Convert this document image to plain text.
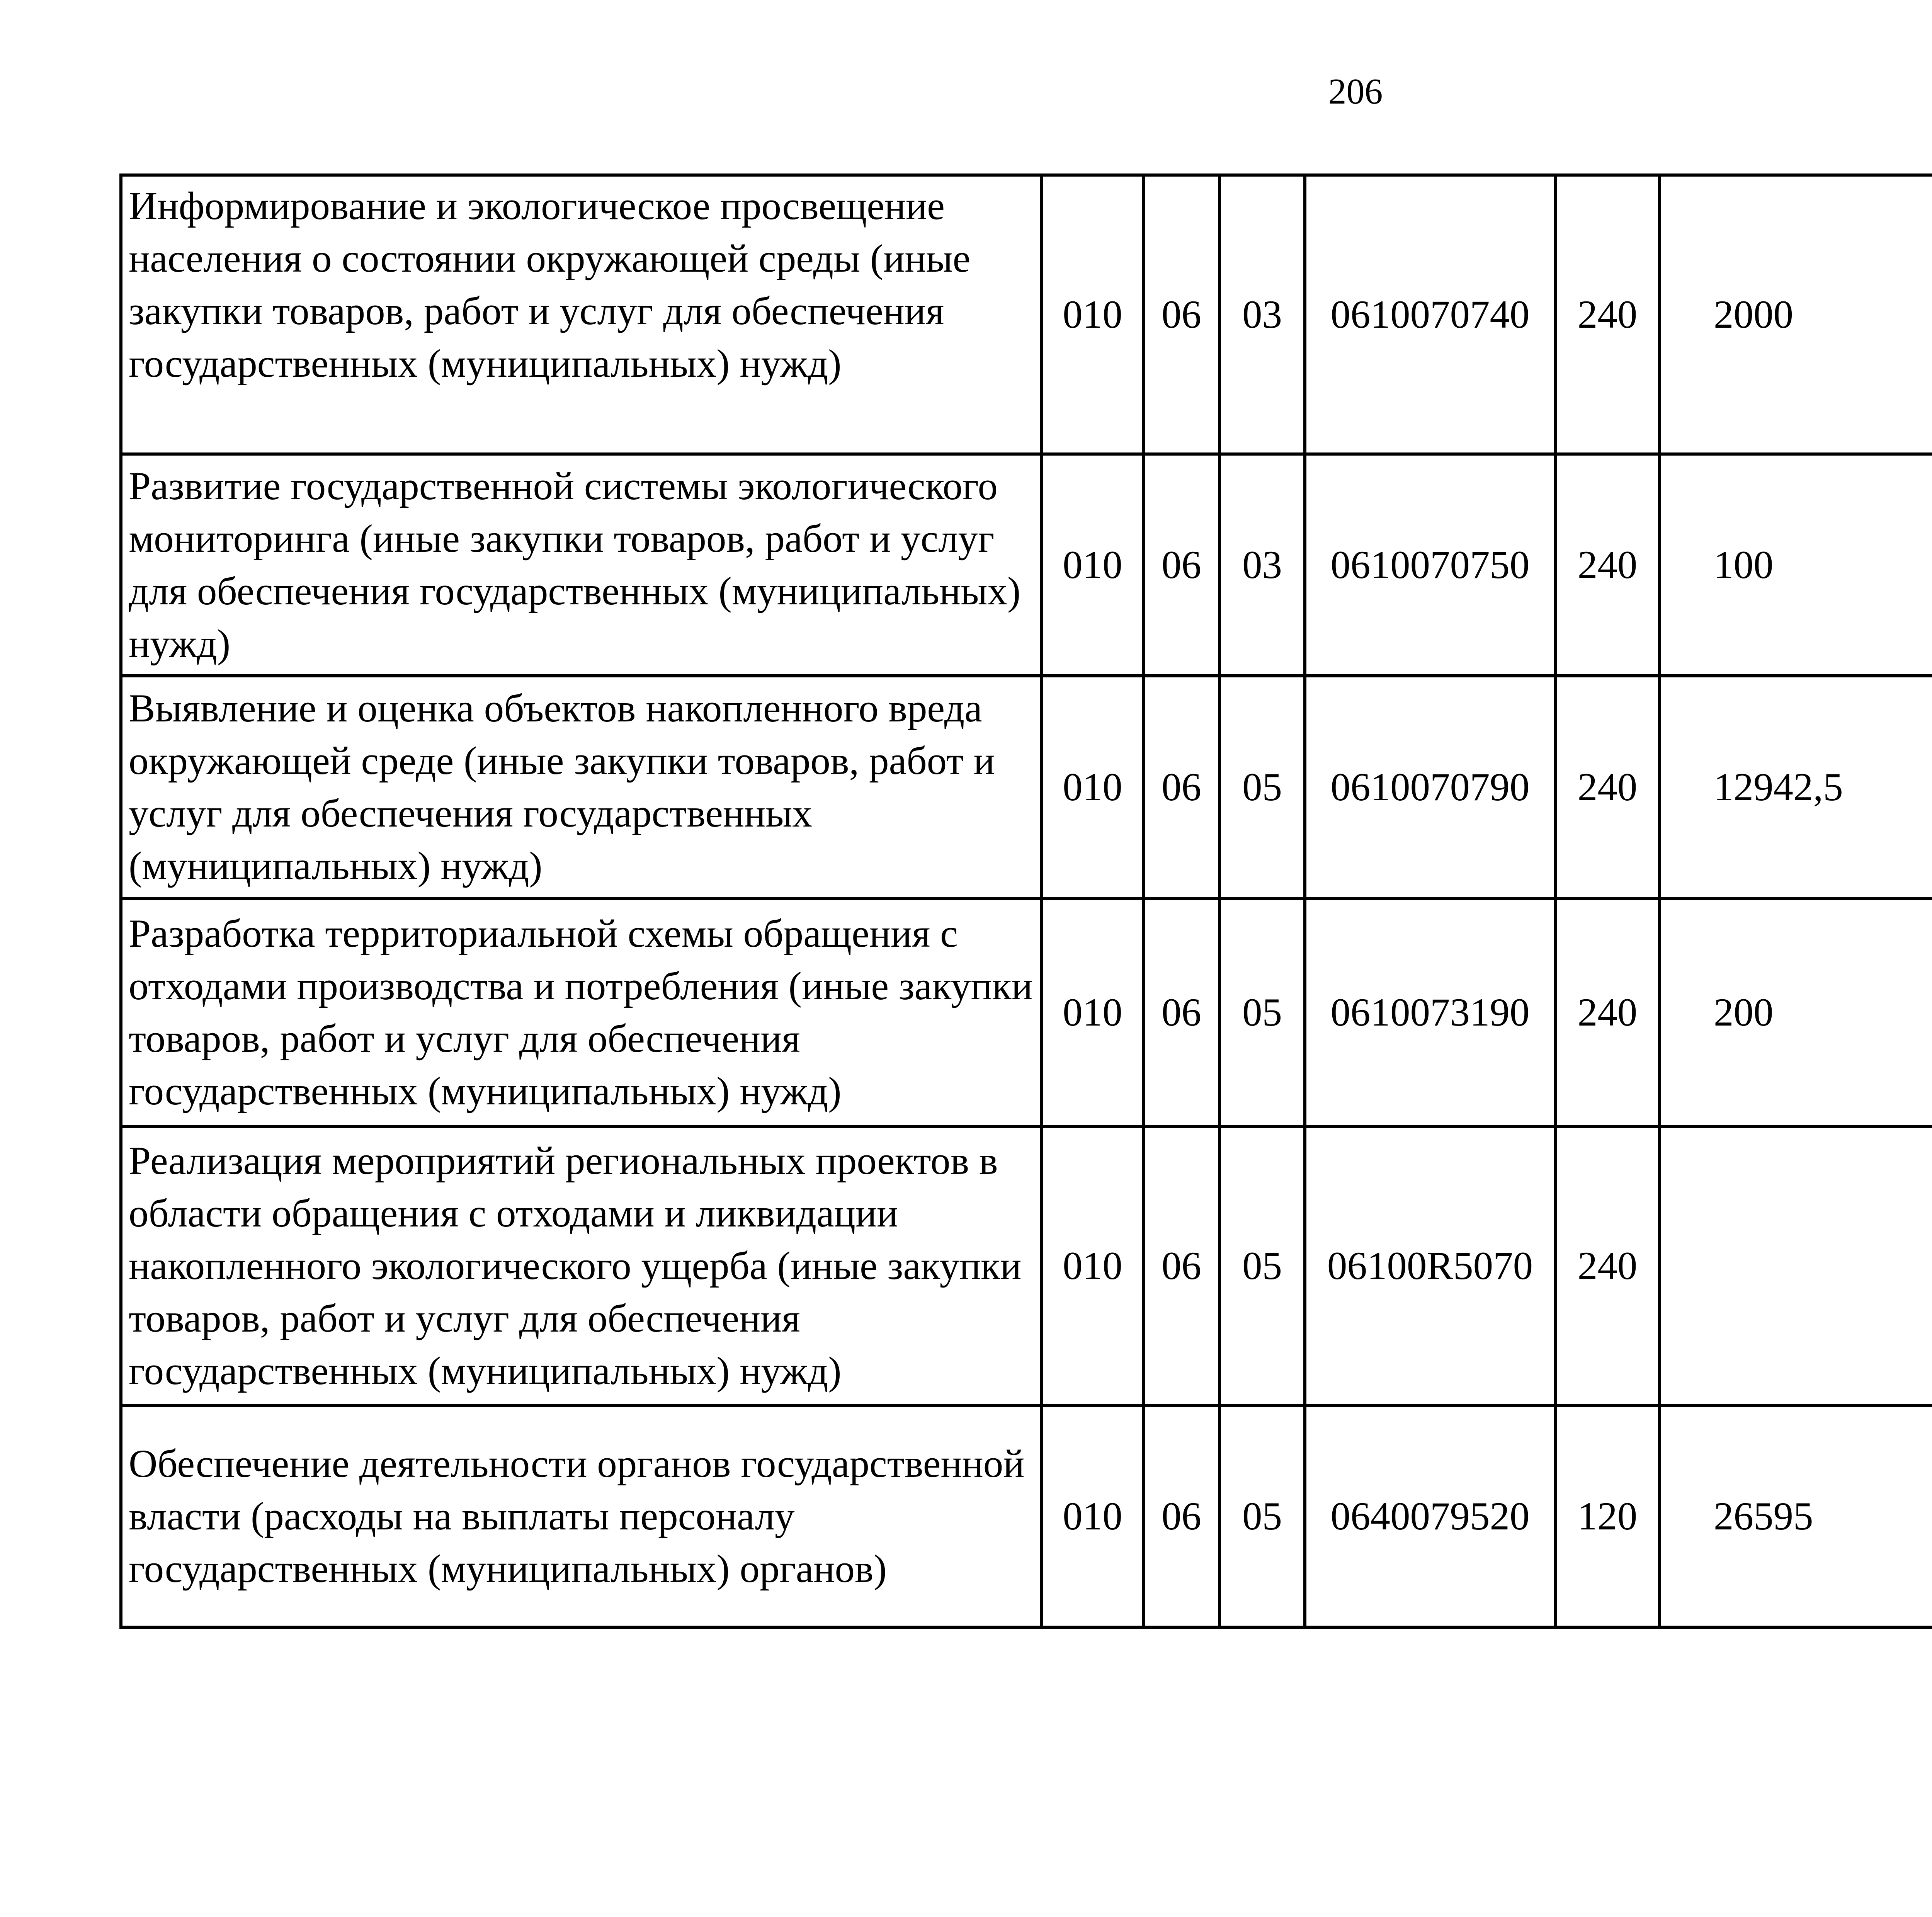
206
Информирование и экологическое просвещение населения о состоянии окружающей среды (иные закупки товаров, работ и услуг для обеспечения государственных (муниципальных) нужд)	010	06	03	0610070740	240	2000		
Развитие государственной системы экологического мониторинга (иные закупки товаров, работ и услуг для обеспечения государственных (муниципальных) нужд)	010	06	03	0610070750	240	100		
Выявление и оценка объектов накопленного вреда окружающей среде (иные закупки товаров, работ и услуг для обеспечения государственных (муниципальных) нужд)	010	06	05	0610070790	240	12942,5		
Разработка территориальной схемы обращения с отходами производства и потребления (иные закупки товаров, работ и услуг для обеспечения государственных (муниципальных) нужд)	010	06	05	0610073190	240	200		
Реализация мероприятий региональных проектов в области обращения с отходами и ликвидации накопленного экологического ущерба (иные закупки товаров, работ и услуг для обеспечения государственных (муниципальных) нужд)	010	06	05	06100R5070	240			
Обеспечение деятельности органов государственной власти (расходы на выплаты персоналу государственных (муниципальных) органов)	010	06	05	0640079520	120	26595		
